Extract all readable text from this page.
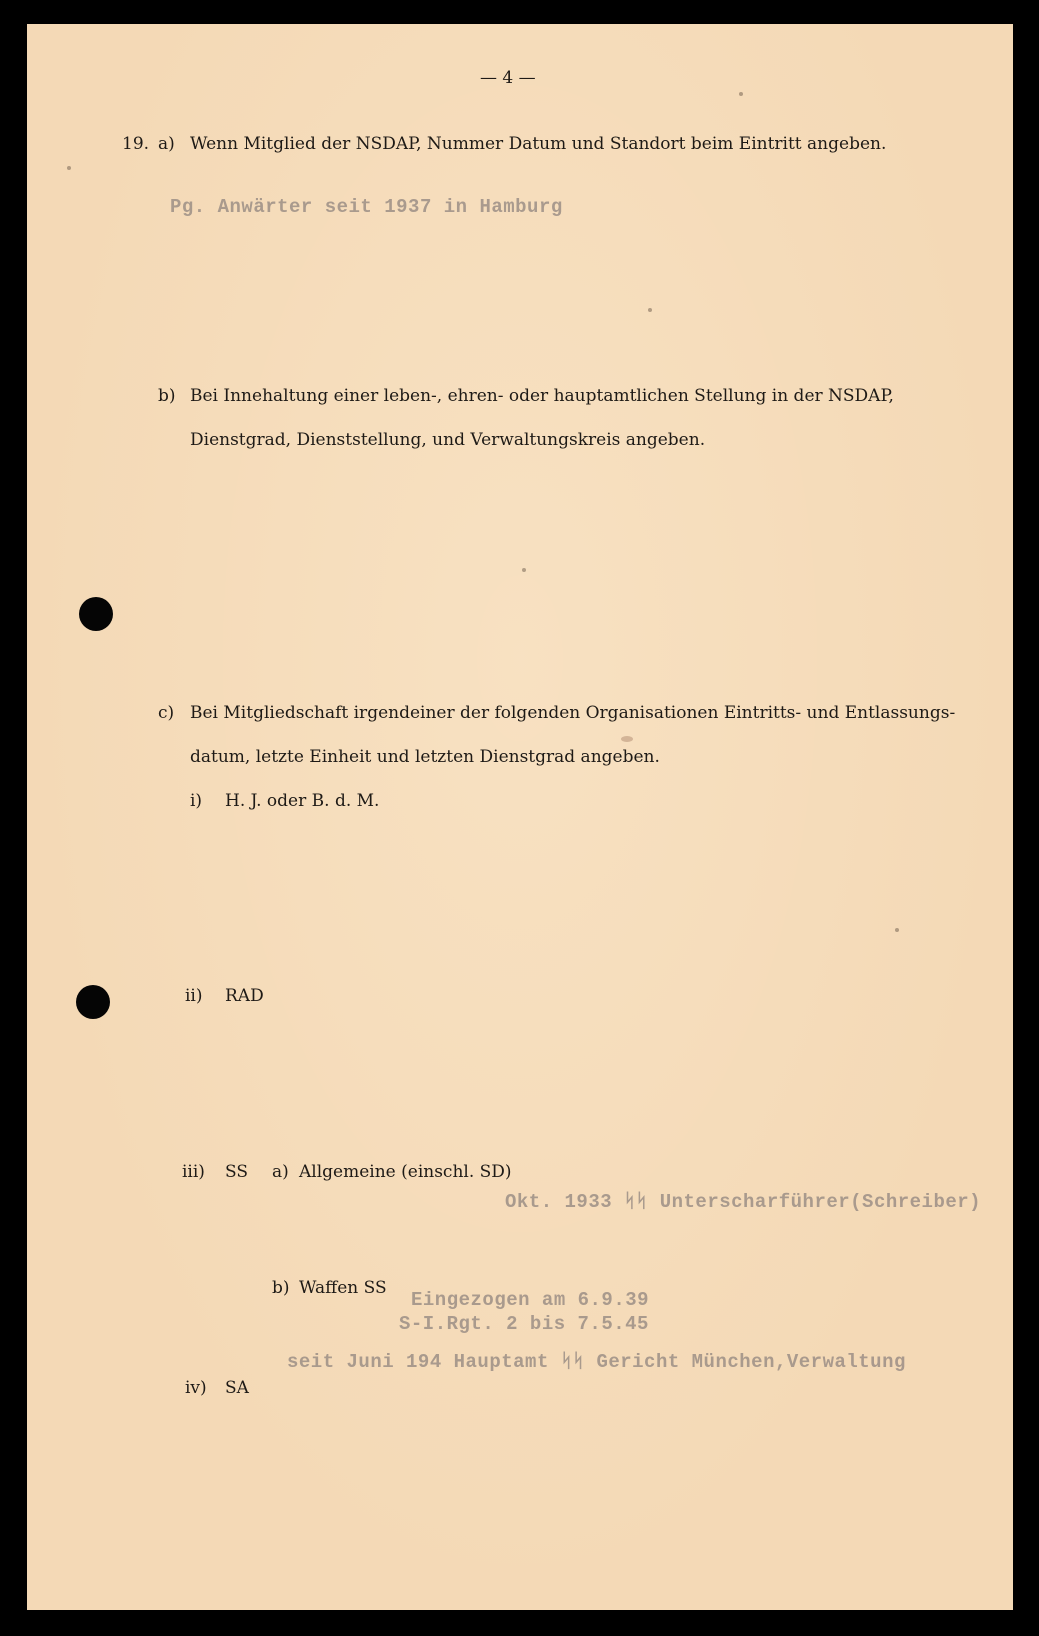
— 4 —
19. a) Wenn Mitglied der NSDAP, Nummer Datum und Standort beim Eintritt angeben.
Pg. Anwärter seit 1937 in Hamburg
b) Bei Innehaltung einer leben-, ehren- oder hauptamtlichen Stellung in der NSDAP,
Dienstgrad, Dienststellung, und Verwaltungskreis angeben.
c) Bei Mitgliedschaft irgendeiner der folgenden Organisationen Eintritts- und Entlassungs-
datum, letzte Einheit und letzten Dienstgrad angeben.
i) H. J. oder B. d. M.
ii) RAD
iii) SS a) Allgemeine (einschl. SD)
Okt. 1933 ᛋᛋ Unterscharführer(Schreiber)
b) Waffen SS
Eingezogen am 6.9.39
S-I.Rgt. 2 bis 7.5.45
seit Juni 194 Hauptamt ᛋᛋ Gericht München,Verwaltung
iv) SA
